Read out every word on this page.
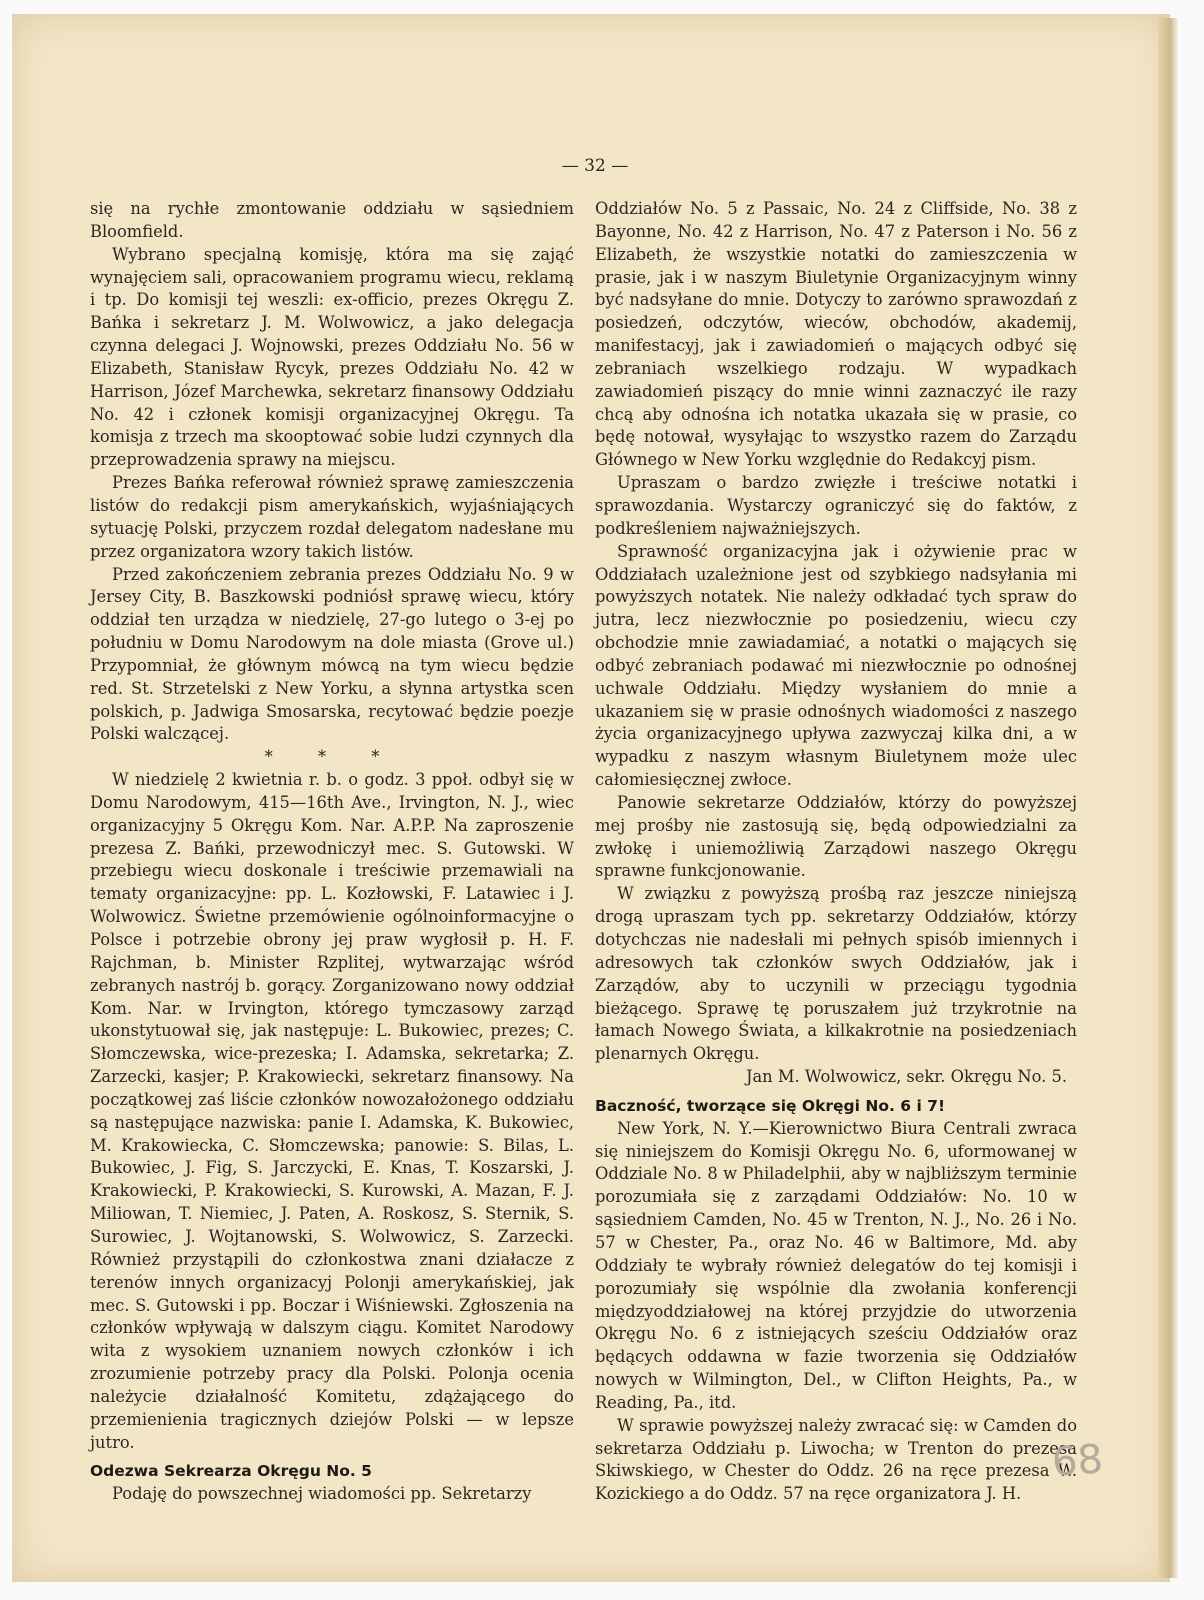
— 32 —

się na rychłe zmontowanie oddziału w sąsiedniem Bloomfield.

Wybrano specjalną komisję, która ma się zająć wynajęciem sali, opracowaniem programu wiecu, reklamą i tp. Do komisji tej weszli: ex-officio, prezes Okręgu Z. Bańka i sekretarz J. M. Wolwowicz, a jako delegacja czynna delegaci J. Wojnowski, prezes Oddziału No. 56 w Elizabeth, Stanisław Rycyk, prezes Oddziału No. 42 w Harrison, Józef Marchewka, sekretarz finansowy Oddziału No. 42 i członek komisji organizacyjnej Okręgu. Ta komisja z trzech ma skooptować sobie ludzi czynnych dla przeprowadzenia sprawy na miejscu.

Prezes Bańka referował również sprawę zamieszczenia listów do redakcji pism amerykańskich, wyjaśniających sytuację Polski, przyczem rozdał delegatom nadesłane mu przez organizatora wzory takich listów.

Przed zakończeniem zebrania prezes Oddziału No. 9 w Jersey City, B. Baszkowski podniósł sprawę wiecu, który oddział ten urządza w niedzielę, 27-go lutego o 3-ej po południu w Domu Narodowym na dole miasta (Grove ul.) Przypomniał, że głównym mówcą na tym wiecu będzie red. St. Strzetelski z New Yorku, a słynna artystka scen polskich, p. Jadwiga Smosarska, recytować będzie poezje Polski walczącej.

* * *

W niedzielę 2 kwietnia r. b. o godz. 3 ppoł. odbył się w Domu Narodowym, 415—16th Ave., Irvington, N. J., wiec organizacyjny 5 Okręgu Kom. Nar. A.P.P. Na zaproszenie prezesa Z. Bańki, przewodniczył mec. S. Gutowski. W przebiegu wiecu doskonale i treściwie przemawiali na tematy organizacyjne: pp. L. Kozłowski, F. Latawiec i J. Wolwowicz. Świetne przemówienie ogólnoinformacyjne o Polsce i potrzebie obrony jej praw wygłosił p. H. F. Rajchman, b. Minister Rzplitej, wytwarzając wśród zebranych nastrój b. gorący. Zorganizowano nowy oddział Kom. Nar. w Irvington, którego tymczasowy zarząd ukonstytuował się, jak następuje: L. Bukowiec, prezes; C. Słomczewska, wice-prezeska; I. Adamska, sekretarka; Z. Zarzecki, kasjer; P. Krakowiecki, sekretarz finansowy. Na początkowej zaś liście członków nowozałożonego oddziału są następujące nazwiska: panie I. Adamska, K. Bukowiec, M. Krakowiecka, C. Słomczewska; panowie: S. Bilas, L. Bukowiec, J. Fig, S. Jarczycki, E. Knas, T. Koszarski, J. Krakowiecki, P. Krakowiecki, S. Kurowski, A. Mazan, F. J. Miliowan, T. Niemiec, J. Paten, A. Roskosz, S. Sternik, S. Surowiec, J. Wojtanowski, S. Wolwowicz, S. Zarzecki. Również przystąpili do członkostwa znani działacze z terenów innych organizacyj Polonji amerykańskiej, jak mec. S. Gutowski i pp. Boczar i Wiśniewski. Zgłoszenia na członków wpływają w dalszym ciągu. Komitet Narodowy wita z wysokiem uznaniem nowych członków i ich zrozumienie potrzeby pracy dla Polski. Polonja ocenia należycie działalność Komitetu, zdążającego do przemienienia tragicznych dziejów Polski — w lepsze jutro.

Odezwa Sekrearza Okręgu No. 5

Podaję do powszechnej wiadomości pp. Sekretarzy

Oddziałów No. 5 z Passaic, No. 24 z Cliffside, No. 38 z Bayonne, No. 42 z Harrison, No. 47 z Paterson i No. 56 z Elizabeth, że wszystkie notatki do zamieszczenia w prasie, jak i w naszym Biuletynie Organizacyjnym winny być nadsyłane do mnie. Dotyczy to zarówno sprawozdań z posiedzeń, odczytów, wieców, obchodów, akademij, manifestacyj, jak i zawiadomień o mających odbyć się zebraniach wszelkiego rodzaju. W wypadkach zawiadomień piszący do mnie winni zaznaczyć ile razy chcą aby odnośna ich notatka ukazała się w prasie, co będę notował, wysyłając to wszystko razem do Zarządu Głównego w New Yorku względnie do Redakcyj pism.

Upraszam o bardzo zwięzłe i treściwe notatki i sprawozdania. Wystarczy ograniczyć się do faktów, z podkreśleniem najważniejszych.

Sprawność organizacyjna jak i ożywienie prac w Oddziałach uzależnione jest od szybkiego nadsyłania mi powyższych notatek. Nie należy odkładać tych spraw do jutra, lecz niezwłocznie po posiedzeniu, wiecu czy obchodzie mnie zawiadamiać, a notatki o mających się odbyć zebraniach podawać mi niezwłocznie po odnośnej uchwale Oddziału. Między wysłaniem do mnie a ukazaniem się w prasie odnośnych wiadomości z naszego życia organizacyjnego upływa zazwyczaj kilka dni, a w wypadku z naszym własnym Biuletynem może ulec całomiesięcznej zwłoce.

Panowie sekretarze Oddziałów, którzy do powyższej mej prośby nie zastosują się, będą odpowiedzialni za zwłokę i uniemożliwią Zarządowi naszego Okręgu sprawne funkcjonowanie.

W związku z powyższą prośbą raz jeszcze niniejszą drogą upraszam tych pp. sekretarzy Oddziałów, którzy dotychczas nie nadesłali mi pełnych spisób imiennych i adresowych tak członków swych Oddziałów, jak i Zarządów, aby to uczynili w przeciągu tygodnia bieżącego. Sprawę tę poruszałem już trzykrotnie na łamach Nowego Świata, a kilkakrotnie na posiedzeniach plenarnych Okręgu.

Jan M. Wolwowicz, sekr. Okręgu No. 5.

Baczność, tworzące się Okręgi No. 6 i 7!

New York, N. Y.—Kierownictwo Biura Centrali zwraca się niniejszem do Komisji Okręgu No. 6, uformowanej w Oddziale No. 8 w Philadelphii, aby w najbliższym terminie porozumiała się z zarządami Oddziałów: No. 10 w sąsiedniem Camden, No. 45 w Trenton, N. J., No. 26 i No. 57 w Chester, Pa., oraz No. 46 w Baltimore, Md. aby Oddziały te wybrały również delegatów do tej komisji i porozumiały się wspólnie dla zwołania konferencji międzyoddziałowej na której przyjdzie do utworzenia Okręgu No. 6 z istniejących sześciu Oddziałów oraz będących oddawna w fazie tworzenia się Oddziałów nowych w Wilmington, Del., w Clifton Heights, Pa., w Reading, Pa., itd.

W sprawie powyższej należy zwracać się: w Camden do sekretarza Oddziału p. Liwocha; w Trenton do prezesa Skiwskiego, w Chester do Oddz. 26 na ręce prezesa W. Kozickiego a do Oddz. 57 na ręce organizatora J. H.

68
